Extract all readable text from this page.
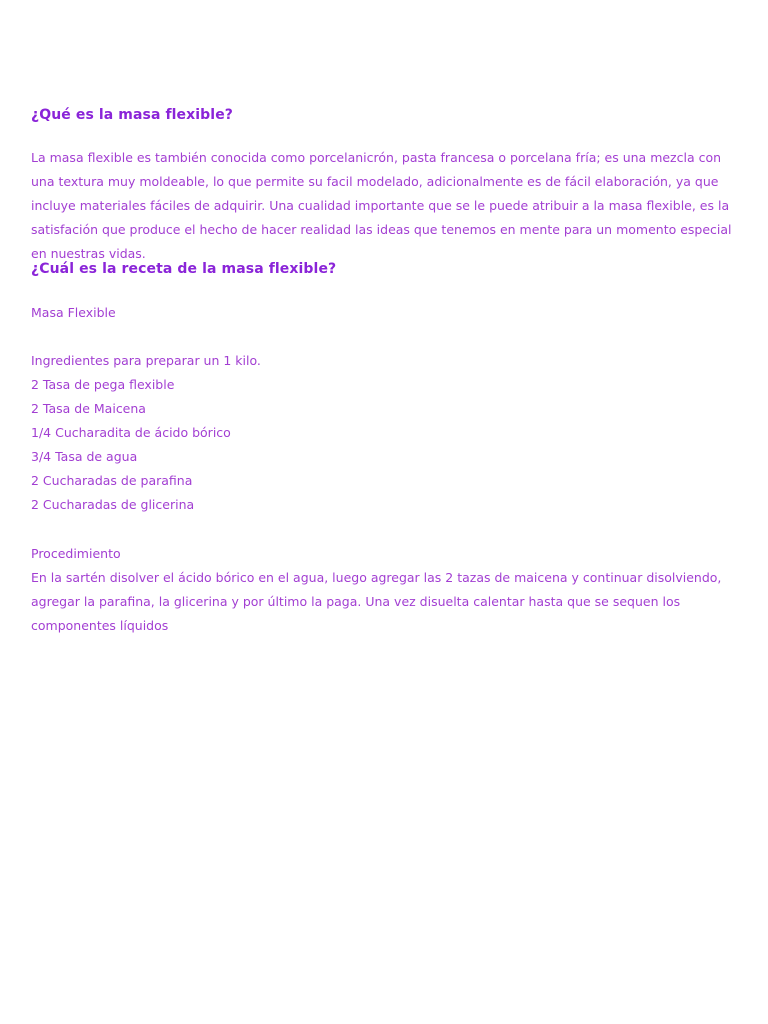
¿Qué es la masa flexible?

La masa flexible es también conocida como porcelanicrón, pasta francesa o porcelana fría; es una mezcla con una textura muy moldeable, lo que permite su facil modelado, adicionalmente es de fácil elaboración, ya que incluye materiales fáciles de adquirir. Una cualidad importante que se le puede atribuir a la masa flexible, es la satisfación que produce el hecho de hacer realidad las ideas que tenemos en mente para un momento especial en nuestras vidas.

¿Cuál es la receta de la masa flexible?

Masa Flexible

Ingredientes para preparar un 1 kilo.
2 Tasa de pega flexible
2 Tasa de Maicena
1/4 Cucharadita de ácido bórico
3/4 Tasa de agua
2 Cucharadas de parafina
2 Cucharadas de glicerina

Procedimiento

En la sartén disolver el ácido bórico en el agua, luego agregar las 2 tazas de maicena y continuar disolviendo, agregar la parafina, la glicerina y por último la paga. Una vez disuelta calentar hasta que se sequen los componentes líquidos
